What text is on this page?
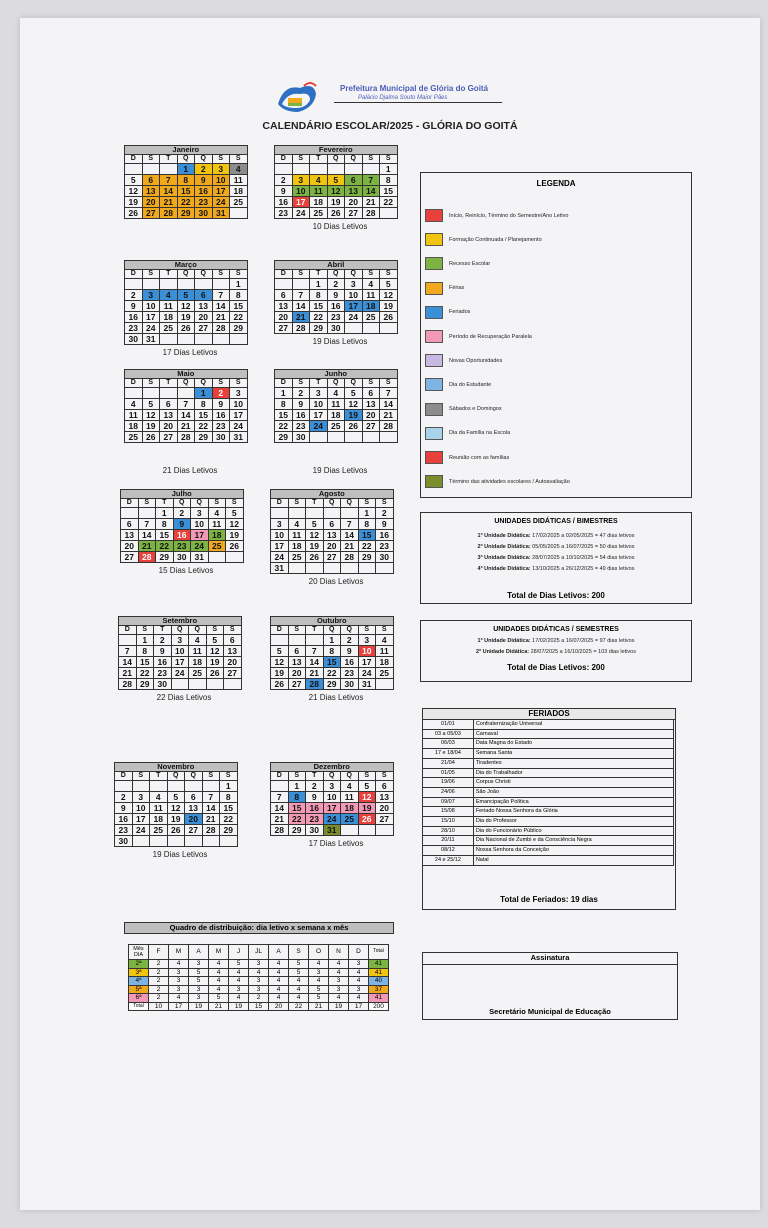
Prefeitura Municipal de Glória do Goitá
Palácio Djalma Souto Maior Pães
CALENDÁRIO ESCOLAR/2025 - GLÓRIA DO GOITÁ
Janeiro						
D	S	T	Q	Q	S	S
			1	2	3	4
5	6	7	8	9	10	11
12	13	14	15	16	17	18
19	20	21	22	23	24	25
26	27	28	29	30	31	
Fevereiro						
D	S	T	Q	Q	S	S
						1
2	3	4	5	6	7	8
9	10	11	12	13	14	15
16	17	18	19	20	21	22
23	24	25	26	27	28	
10 Dias Letivos
Março						
D	S	T	Q	Q	S	S
						1
2	3	4	5	6	7	8
9	10	11	12	13	14	15
16	17	18	19	20	21	22
23	24	25	26	27	28	29
30	31					
17 Dias Letivos
Abril						
D	S	T	Q	Q	S	S
		1	2	3	4	5
6	7	8	9	10	11	12
13	14	15	16	17	18	19
20	21	22	23	24	25	26
27	28	29	30			
19 Dias Letivos
Maio						
D	S	T	Q	Q	S	S
				1	2	3
4	5	6	7	8	9	10
11	12	13	14	15	16	17
18	19	20	21	22	23	24
25	26	27	28	29	30	31
21 Dias Letivos
Junho						
D	S	T	Q	Q	S	S
1	2	3	4	5	6	7
8	9	10	11	12	13	14
15	16	17	18	19	20	21
22	23	24	25	26	27	28
29	30					
19 Dias Letivos
Julho						
D	S	T	Q	Q	S	S
		1	2	3	4	5
6	7	8	9	10	11	12
13	14	15	16	17	18	19
20	21	22	23	24	25	26
27	28	29	30	31		
15 Dias Letivos
Agosto						
D	S	T	Q	Q	S	S
					1	2
3	4	5	6	7	8	9
10	11	12	13	14	15	16
17	18	19	20	21	22	23
24	25	26	27	28	29	30
31						
20 Dias Letivos
Setembro						
D	S	T	Q	Q	S	S
	1	2	3	4	5	6
7	8	9	10	11	12	13
14	15	16	17	18	19	20
21	22	23	24	25	26	27
28	29	30				
22 Dias Letivos
Outubro						
D	S	T	Q	Q	S	S
			1	2	3	4
5	6	7	8	9	10	11
12	13	14	15	16	17	18
19	20	21	22	23	24	25
26	27	28	29	30	31	
21 Dias Letivos
Novembro						
D	S	T	Q	Q	S	S
						1
2	3	4	5	6	7	8
9	10	11	12	13	14	15
16	17	18	19	20	21	22
23	24	25	26	27	28	29
30						
19 Dias Letivos
Dezembro						
D	S	T	Q	Q	S	S
	1	2	3	4	5	6
7	8	9	10	11	12	13
14	15	16	17	18	19	20
21	22	23	24	25	26	27
28	29	30	31			
17 Dias Letivos
LEGENDA
Início, Reinício, Término do Semestre/Ano Letivo
Formação Continuada / Planejamento
Recesso Escolar
Férias
Feriados
Período de Recuperação Paralela
Novas Oportunidades
Dia do Estudante
Sábados e Domingos
Dia da Família na Escola
Reunião com as famílias
Término das atividades escolares / Autoavaliação
UNIDADES DIDÁTICAS / BIMESTRES
1ª Unidade Didática: 17/02/2025 a 02/05/2025 = 47 dias letivos
2ª Unidade Didática: 05/05/2025 a 16/07/2025 = 50 dias letivos
3ª Unidade Didática: 28/07/2025 a 10/10/2025 = 54 dias letivos
4ª Unidade Didática: 13/10/2025 a 26/12/2025 = 49 dias letivos
Total de Dias Letivos: 200
UNIDADES DIDÁTICAS / SEMESTRES
1ª Unidade Didática: 17/02/2025 a 16/07/2025 = 97 dias letivos
2ª Unidade Didática: 28/07/2025 a 16/10/2025 = 103 dias letivos
Total de Dias Letivos: 200
FERIADOS
01/01	Confraternização Universal
03 a 05/03	Carnaval
06/03	Data Magna do Estado
17 e 18/04	Semana Santa
21/04	Tiradentes
01/05	Dia do Trabalhador
19/06	Corpus Christi
24/06	São João
09/07	Emancipação Política
15/08	Feriado Nossa Senhora da Glória
15/10	Dia do Professor
28/10	Dia do Funcionário Público
20/11	Dia Nacional de Zumbi e da Consciência Negra
08/12	Nossa Senhora da Conceição
24 e 25/12	Natal
Total de Feriados: 19 dias
Quadro de distribuição: dia letivo x semana x mês
Mês
DIA	F	M	A	M	J	JL	A	S	O	N	D	Total
2ª	2	4	3	4	5	3	4	5	4	4	3	41
3ª	2	3	5	4	4	4	4	5	3	4	4	41
4ª	2	3	5	4	4	3	4	4	4	3	4	40
5ª	2	3	3	4	3	3	4	4	5	3	3	37
6ª	2	4	3	5	4	2	4	4	5	4	4	41
Total	10	17	19	21	19	15	20	22	21	19	17	200
Assinatura
Secretário Municipal de Educação
